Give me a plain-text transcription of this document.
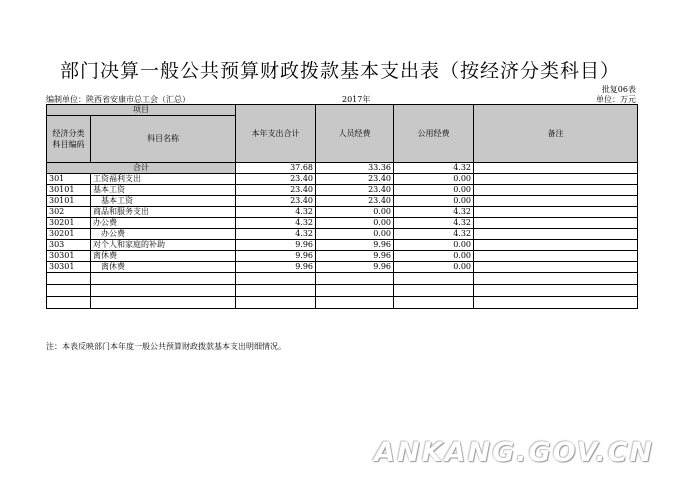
部门决算一般公共预算财政拨款基本支出表（按经济分类科目）
批复06表
编制单位：陕西省安康市总工会（汇总）	2017年	单位：万元
项目		本年支出合计	人员经费	公用经费	备注
经济分类科目编码	科目名称				
合计		37.68	33.36	4.32	
301	工资福利支出	23.40	23.40	0.00	
30101	基本工资	23.40	23.40	0.00	
30101	基本工资	23.40	23.40	0.00	
302	商品和服务支出	4.32	0.00	4.32	
30201	办公费	4.32	0.00	4.32	
30201	办公费	4.32	0.00	4.32	
303	对个人和家庭的补助	9.96	9.96	0.00	
30301	离休费	9.96	9.96	0.00	
30301	离休费	9.96	9.96	0.00	

注：本表反映部门本年度一般公共预算财政拨款基本支出明细情况。
ANKANG.GOV.CN
